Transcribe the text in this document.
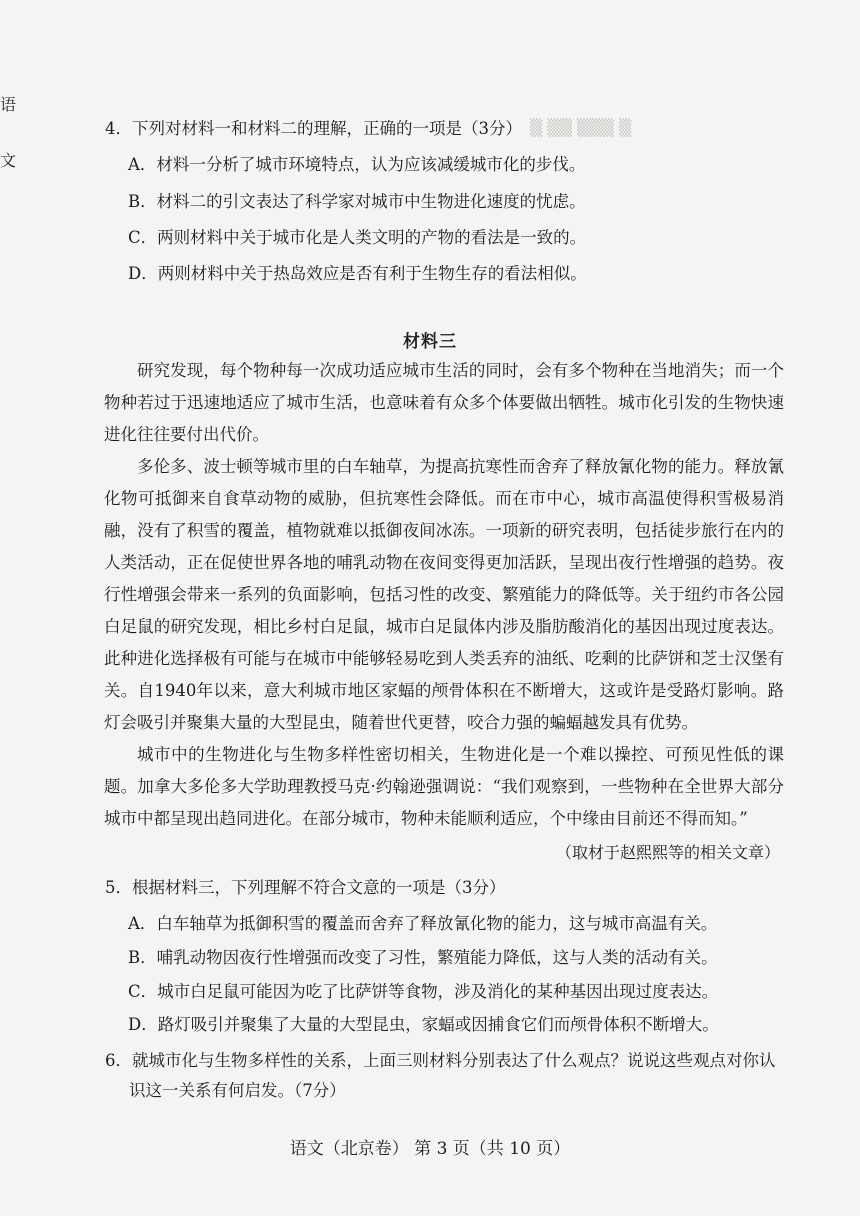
语
文
▒ ▒▒ ▒▒▒ ▒
4．下列对材料一和材料二的理解，正确的一项是（3分）
A．材料一分析了城市环境特点，认为应该减缓城市化的步伐。
B．材料二的引文表达了科学家对城市中生物进化速度的忧虑。
C．两则材料中关于城市化是人类文明的产物的看法是一致的。
D．两则材料中关于热岛效应是否有利于生物生存的看法相似。
材料三

研究发现，每个物种每一次成功适应城市生活的同时，会有多个物种在当地消失；而一个物种若过于迅速地适应了城市生活，也意味着有众多个体要做出牺牲。城市化引发的生物快速进化往往要付出代价。

多伦多、波士顿等城市里的白车轴草，为提高抗寒性而舍弃了释放氰化物的能力。释放氰化物可抵御来自食草动物的威胁，但抗寒性会降低。而在市中心，城市高温使得积雪极易消融，没有了积雪的覆盖，植物就难以抵御夜间冰冻。一项新的研究表明，包括徒步旅行在内的人类活动，正在促使世界各地的哺乳动物在夜间变得更加活跃，呈现出夜行性增强的趋势。夜行性增强会带来一系列的负面影响，包括习性的改变、繁殖能力的降低等。关于纽约市各公园白足鼠的研究发现，相比乡村白足鼠，城市白足鼠体内涉及脂肪酸消化的基因出现过度表达。此种进化选择极有可能与在城市中能够轻易吃到人类丢弃的油纸、吃剩的比萨饼和芝士汉堡有关。自1940年以来，意大利城市地区家蝠的颅骨体积在不断增大，这或许是受路灯影响。路灯会吸引并聚集大量的大型昆虫，随着世代更替，咬合力强的蝙蝠越发具有优势。

城市中的生物进化与生物多样性密切相关，生物进化是一个难以操控、可预见性低的课题。加拿大多伦多大学助理教授马克·约翰逊强调说：“我们观察到，一些物种在全世界大部分城市中都呈现出趋同进化。在部分城市，物种未能顺利适应，个中缘由目前还不得而知。”

（取材于赵熙熙等的相关文章）
5．根据材料三，下列理解不符合文意的一项是（3分）
A．白车轴草为抵御积雪的覆盖而舍弃了释放氰化物的能力，这与城市高温有关。
B．哺乳动物因夜行性增强而改变了习性，繁殖能力降低，这与人类的活动有关。
C．城市白足鼠可能因为吃了比萨饼等食物，涉及消化的某种基因出现过度表达。
D．路灯吸引并聚集了大量的大型昆虫，家蝠或因捕食它们而颅骨体积不断增大。
6．就城市化与生物多样性的关系，上面三则材料分别表达了什么观点？说说这些观点对你认
识这一关系有何启发。（7分）
语文（北京卷） 第 3 页（共 10 页）
